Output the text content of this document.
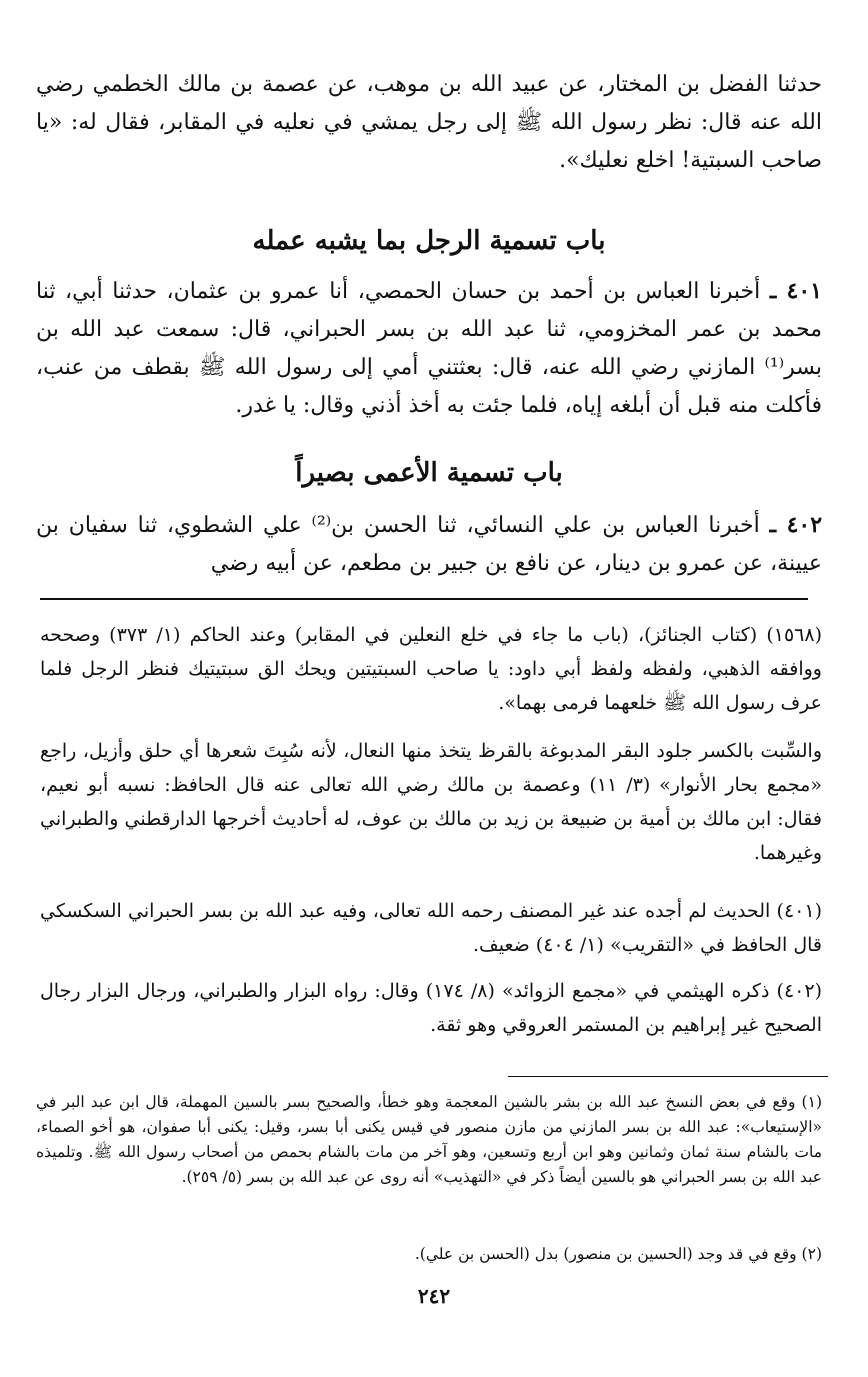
حدثنا الفضل بن المختار، عن عبيد الله بن موهب، عن عصمة بن مالك الخطمي رضي الله عنه قال: نظر رسول الله ﷺ إلى رجل يمشي في نعليه في المقابر، فقال له: «يا صاحب السبتية! اخلع نعليك».

باب تسمية الرجل بما يشبه عمله

٤٠١ ـ أخبرنا العباس بن أحمد بن حسان الحمصي، أنا عمرو بن عثمان، حدثنا أبي، ثنا محمد بن عمر المخزومي، ثنا عبد الله بن بسر الحبراني، قال: سمعت عبد الله بن بسر⁽¹⁾ المازني رضي الله عنه، قال: بعثتني أمي إلى رسول الله ﷺ بقطف من عنب، فأكلت منه قبل أن أبلغه إياه، فلما جئت به أخذ أذني وقال: يا غدر.

باب تسمية الأعمى بصيراً

٤٠٢ ـ أخبرنا العباس بن علي النسائي، ثنا الحسن بن⁽²⁾ علي الشطوي، ثنا سفيان بن عيينة، عن عمرو بن دينار، عن نافع بن جبير بن مطعم، عن أبيه رضي

(١٥٦٨) (كتاب الجنائز)، (باب ما جاء في خلع النعلين في المقابر) وعند الحاكم (١/ ٣٧٣) وصححه ووافقه الذهبي، ولفظه ولفظ أبي داود: يا صاحب السبتيتين ويحك الق سبتيتيك فنظر الرجل فلما عرف رسول الله ﷺ خلعهما فرمى بهما».

والسِّبت بالكسر جلود البقر المدبوغة بالقرظ يتخذ منها النعال، لأنه سُبِتَ شعرها أي حلق وأزيل، راجع «مجمع بحار الأنوار» (٣/ ١١) وعصمة بن مالك رضي الله تعالى عنه قال الحافظ: نسبه أبو نعيم، فقال: ابن مالك بن أمية بن ضبيعة بن زيد بن مالك بن عوف، له أحاديث أخرجها الدارقطني والطبراني وغيرهما.

(٤٠١) الحديث لم أجده عند غير المصنف رحمه الله تعالى، وفيه عبد الله بن بسر الحبراني السكسكي قال الحافظ في «التقريب» (١/ ٤٠٤) ضعيف.

(٤٠٢) ذكره الهيثمي في «مجمع الزوائد» (٨/ ١٧٤) وقال: رواه البزار والطبراني، ورجال البزار رجال الصحيح غير إبراهيم بن المستمر العروقي وهو ثقة.

(١) وقع في بعض النسخ عبد الله بن بشر بالشين المعجمة وهو خطأ، والصحيح بسر بالسين المهملة، قال ابن عبد البر في «الإستيعاب»: عبد الله بن بسر المازني من مازن منصور في قيس يكنى أبا بسر، وقيل: يكنى أبا صفوان، هو أخو الصماء، مات بالشام سنة ثمان وثمانين وهو ابن أربع وتسعين، وهو آخر من مات بالشام بحمص من أصحاب رسول الله ﷺ. وتلميذه عبد الله بن بسر الحبراني هو بالسين أيضاً ذكر في «التهذيب» أنه روى عن عبد الله بن بسر (٥/ ٢٥٩).

(٢) وقع في قد وجد (الحسين بن منصور) بدل (الحسن بن علي).

٢٤٢
